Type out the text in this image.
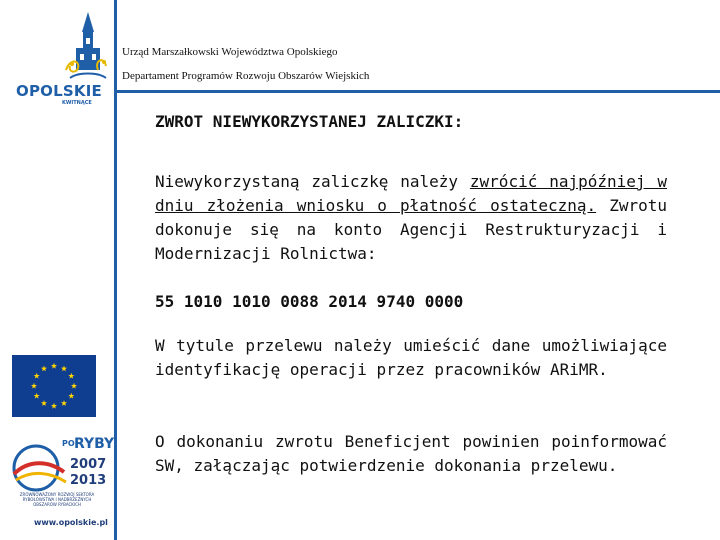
OPOLSKIE
KWITNĄCE
Urząd Marszałkowski Województwa Opolskiego
Departament Programów Rozwoju Obszarów Wiejskich
ZWROT NIEWYKORZYSTANEJ ZALICZKI:
Niewykorzystaną zaliczkę należy zwrócić najpóźniej w dniu złożenia wniosku o płatność ostateczną. Zwrotu dokonuje się na konto Agencji Restrukturyzacji i Modernizacji Rolnictwa:
55 1010 1010 0088 2014 9740 0000
W tytule przelewu należy umieścić dane umożliwiające identyfikację operacji przez pracowników ARiMR.
O dokonaniu zwrotu Beneficjent powinien poinformować SW, załączając potwierdzenie dokonania przelewu.
PO RYBY
2007
2013
ZRÓWNOWAŻONY ROZWÓJ SEKTORA RYBOŁÓWSTWA I NADBRZEŻNYCH OBSZARÓW RYBACKICH
www.opolskie.pl
